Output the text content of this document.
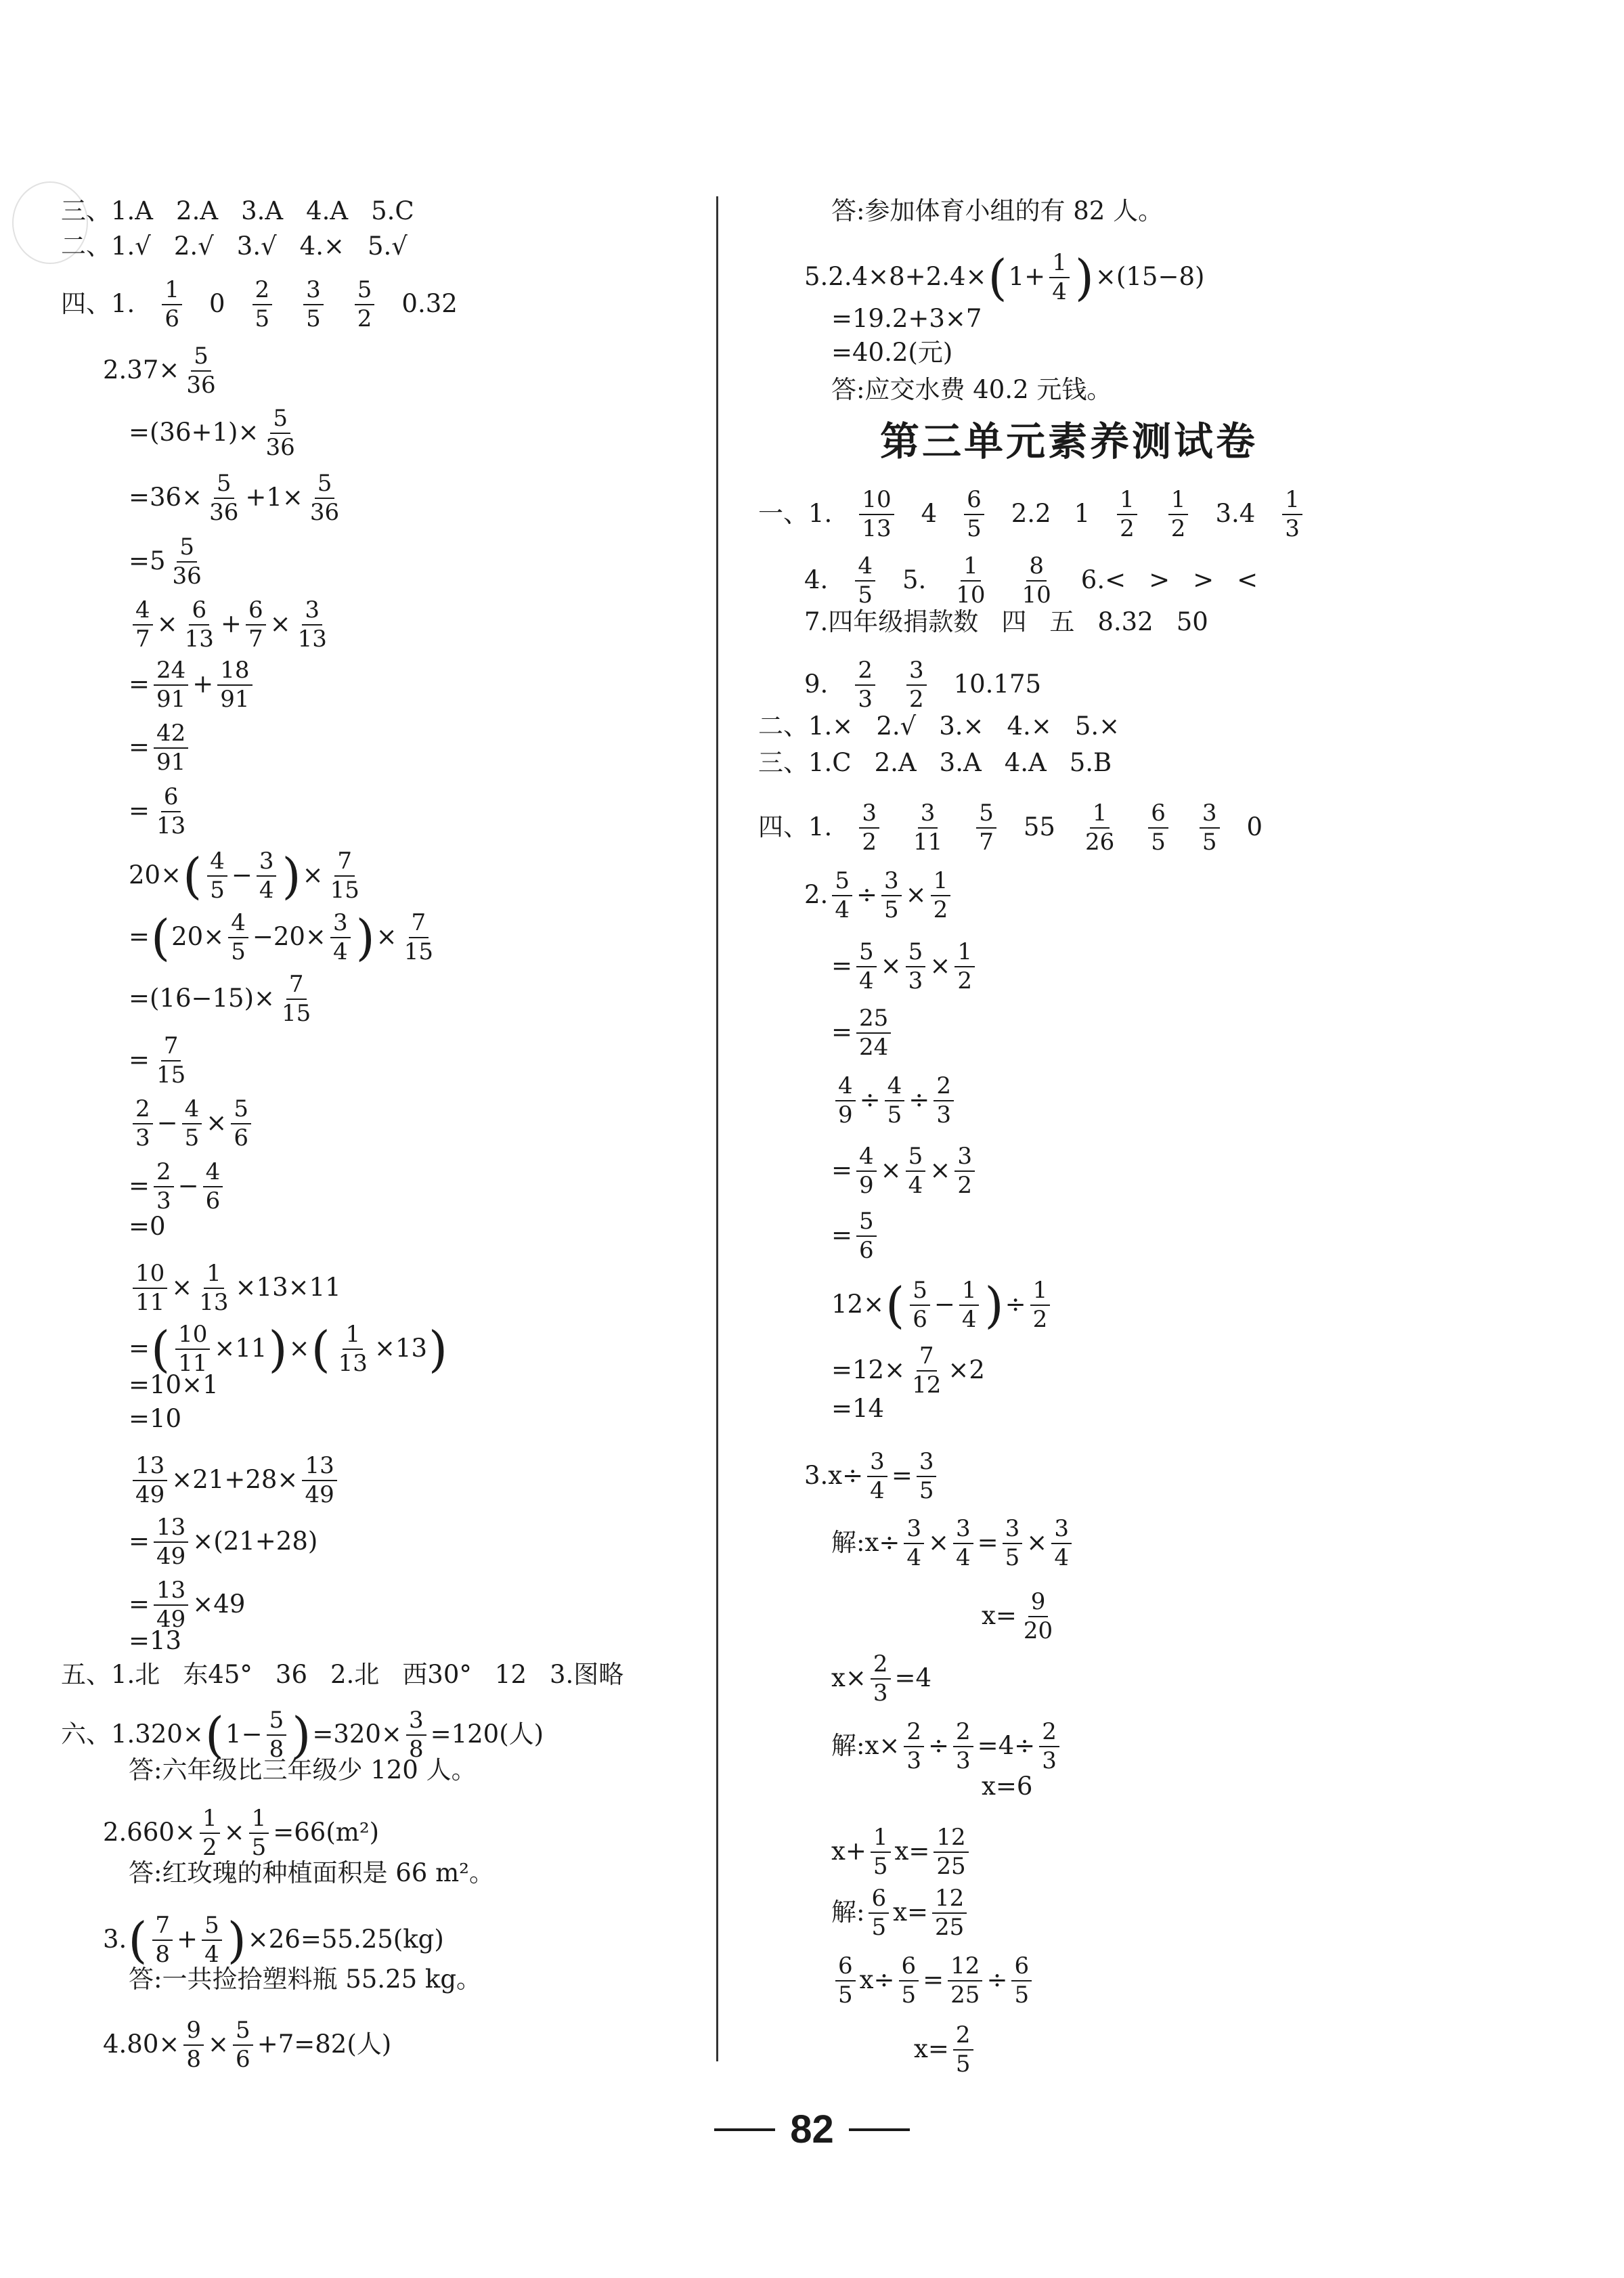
三、1.A 2.A 3.A 4.A 5.C
二、1.√ 2.√ 3.√ 4.× 5.√
四、1. $\frac{1}{6} 0 \frac{2}{5} \frac{3}{5} \frac{5}{2} 0.32$
$2.37\times \frac{5}{36}$
$=(36+1)\times \frac{5}{36}$
$=36\times \frac{5}{36} +1\times \frac{5}{36}$
$=5 \frac{5}{36}$
$\frac{4}{7} \times \frac{6}{13} + \frac{6}{7} \times \frac{3}{13}$
= $\frac{24}{91} + \frac{18}{91}$
= $\frac{42}{91}$
= $\frac{6}{13}$
20× ( $\frac{4}{5} - \frac{3}{4}$ ) × $\frac{7}{15}$
= ( $20\times \frac{4}{5} -20\times \frac{3}{4}$ ) × $\frac{7}{15}$
$=(16-15)\times \frac{7}{15}$
= $\frac{7}{15}$
$\frac{2}{3} - \frac{4}{5} \times \frac{5}{6}$
= $\frac{2}{3} - \frac{4}{6}$
=0
$\frac{10}{11} \times \frac{1}{13} \times 13\times 11$
= ( $\frac{10}{11} \times 11$ ) × ( $\frac{1}{13} \times 13$ )
=10×1
=10
$\frac{13}{49} \times 21+28\times \frac{13}{49}$
= $\frac{13}{49} \times(21+28)$
= $\frac{13}{49} \times 49$
=13
五、1.北 东45° 36 2.北 西30° 12 3.图略
六、1.320× ( $1- \frac{5}{8}$ ) $=320\times \frac{3}{8} =120$(人)
答:六年级比三年级少 120 人。
$2.660\times \frac{1}{2} \times \frac{1}{5} =66(m^2)$
答:红玫瑰的种植面积是 66 m²。
3. ( $\frac{7}{8} + \frac{5}{4}$ ) ×26=55.25(kg)
答:一共捡拾塑料瓶 55.25 kg。
$4.80\times \frac{9}{8} \times \frac{5}{6} +7=82$(人)
答:参加体育小组的有 82 人。
5.2.4×8+2.4× ( $1+ \frac{1}{4}$ ) ×(15−8)
=19.2+3×7
=40.2(元)
答:应交水费 40.2 元钱。
一、1. $\frac{10}{13} 4 \frac{6}{5} 2.2$ $1 \frac{1}{2} \frac{1}{2} 3.4 \frac{1}{3}$
4. $\frac{4}{5} 5$. $\frac{1}{10} \frac{8}{10} 6.<$ > > <
7.四年级捐款数 四 五 8.32 50
9. $\frac{2}{3} \frac{3}{2} 10.175$
二、1.× 2.√ 3.× 4.× 5.×
三、1.C 2.A 3.A 4.A 5.B
四、1. $\frac{3}{2} \frac{3}{11} \frac{5}{7} 55 \frac{1}{26} \frac{6}{5} \frac{3}{5} 0$
2. $\frac{5}{4} \div \frac{3}{5} \times \frac{1}{2}$
= $\frac{5}{4} \times \frac{5}{3} \times \frac{1}{2}$
= $\frac{25}{24}$
$\frac{4}{9} \div \frac{4}{5} \div \frac{2}{3}$
= $\frac{4}{9} \times \frac{5}{4} \times \frac{3}{2}$
= $\frac{5}{6}$
12× ( $\frac{5}{6} - \frac{1}{4}$ ) ÷ $\frac{1}{2}$
$=12\times \frac{7}{12} \times 2$
=14
$3.x\div \frac{3}{4} = \frac{3}{5}$
解:x÷ $\frac{3}{4} \times \frac{3}{4} = \frac{3}{5} \times \frac{3}{4}$
$x= \frac{9}{20}$
$x\times \frac{2}{3} =4$
解:x× $\frac{2}{3} \div \frac{2}{3} =4\div \frac{2}{3}$
x=6
$x+ \frac{1}{5} x= \frac{12}{25}$
解: $\frac{6}{5} x= \frac{12}{25}$
$\frac{6}{5} x\div \frac{6}{5} = \frac{12}{25} \div \frac{6}{5}$
$x= \frac{2}{5}$
第三单元素养测试卷
82
